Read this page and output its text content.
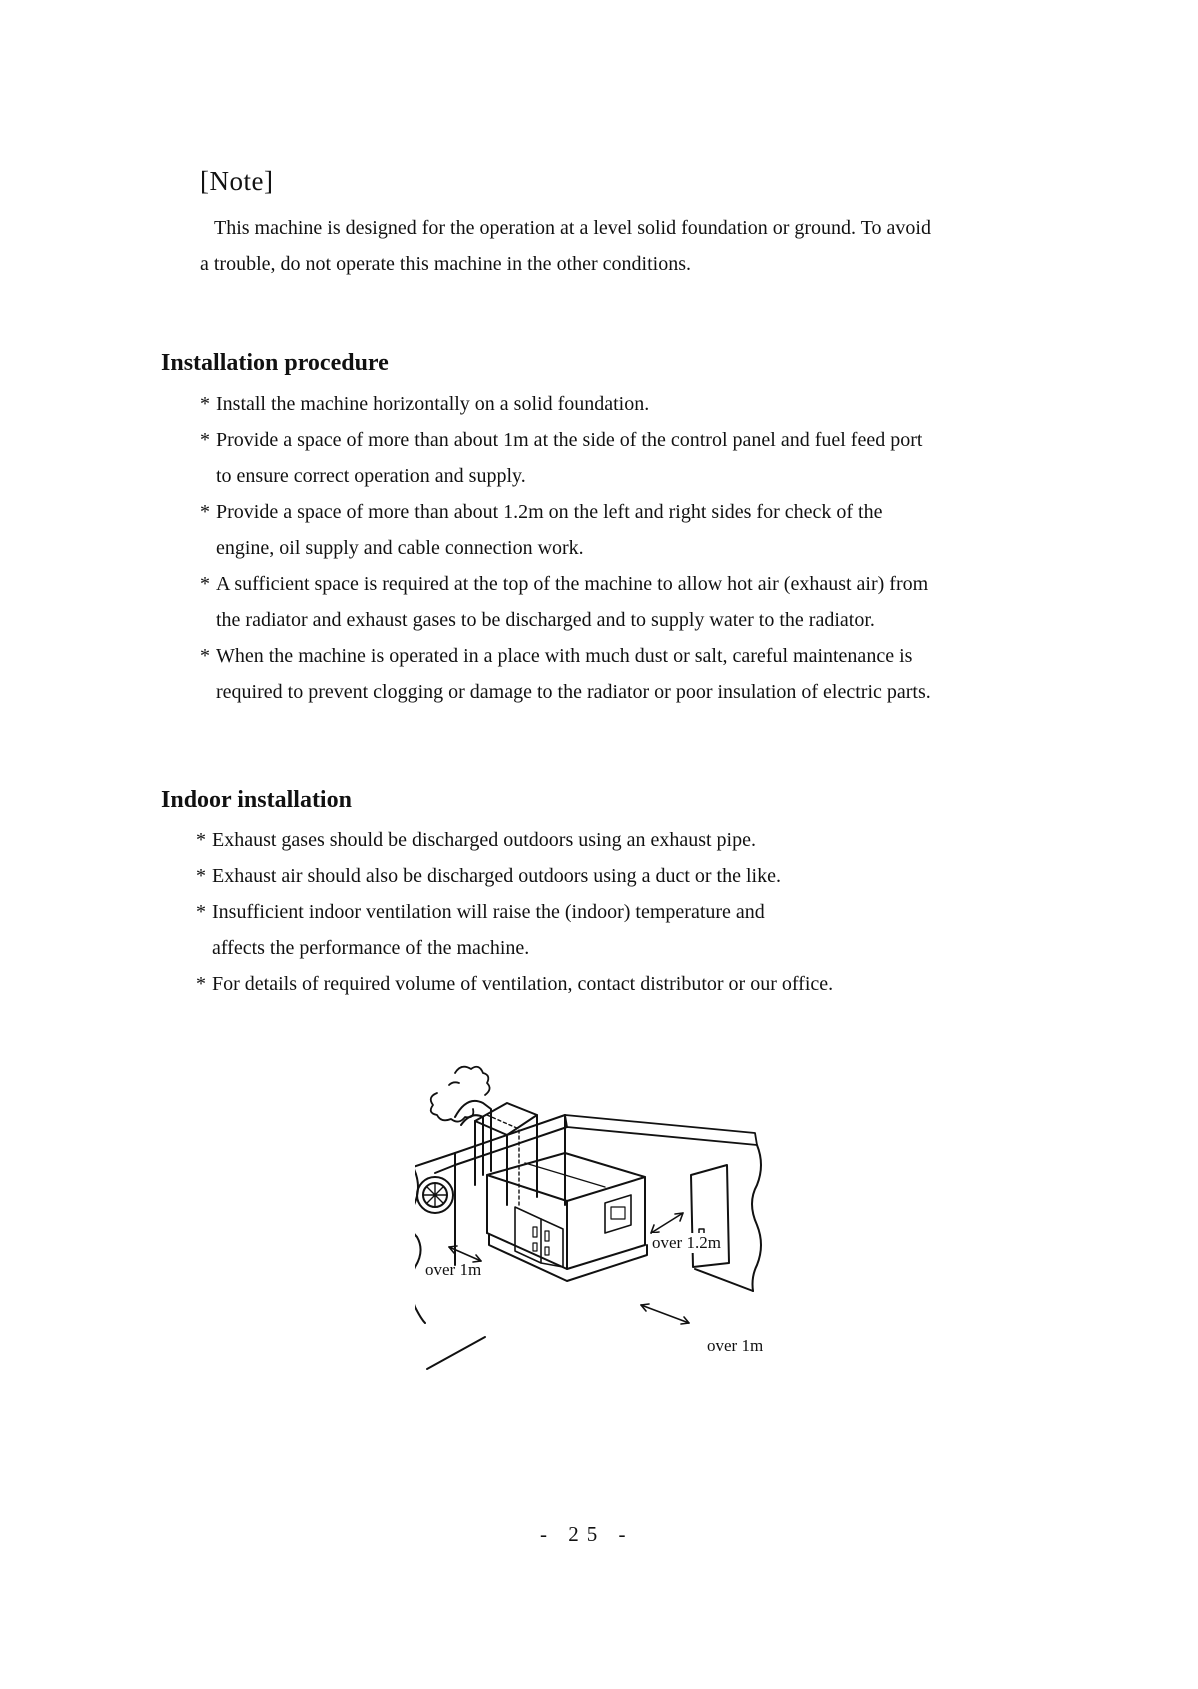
[Note]

This machine is designed for the operation at a level solid foundation or ground. To avoid
a trouble, do not operate this machine in the other conditions.

Installation procedure
* Install the machine horizontally on a solid foundation.
* Provide a space of more than about 1m at the side of the control panel and fuel feed port
to ensure correct operation and supply.
* Provide a space of more than about 1.2m on the left and right sides for check of the
engine, oil supply and cable connection work.
* A sufficient space is required at the top of the machine to allow hot air (exhaust air) from
the radiator and exhaust gases to be discharged and to supply water to the radiator.
* When the machine is operated in a place with much dust or salt, careful maintenance is
required to prevent clogging or damage to the radiator or poor insulation of electric parts.
Indoor installation
* Exhaust gases should be discharged outdoors using an exhaust pipe.
* Exhaust air should also be discharged outdoors using a duct or the like.
* Insufficient indoor ventilation will raise the (indoor) temperature and
affects the performance of the machine.
* For details of required volume of ventilation, contact distributor or our office.
over 1m
over 1.2m
over 1m

- 25 -
